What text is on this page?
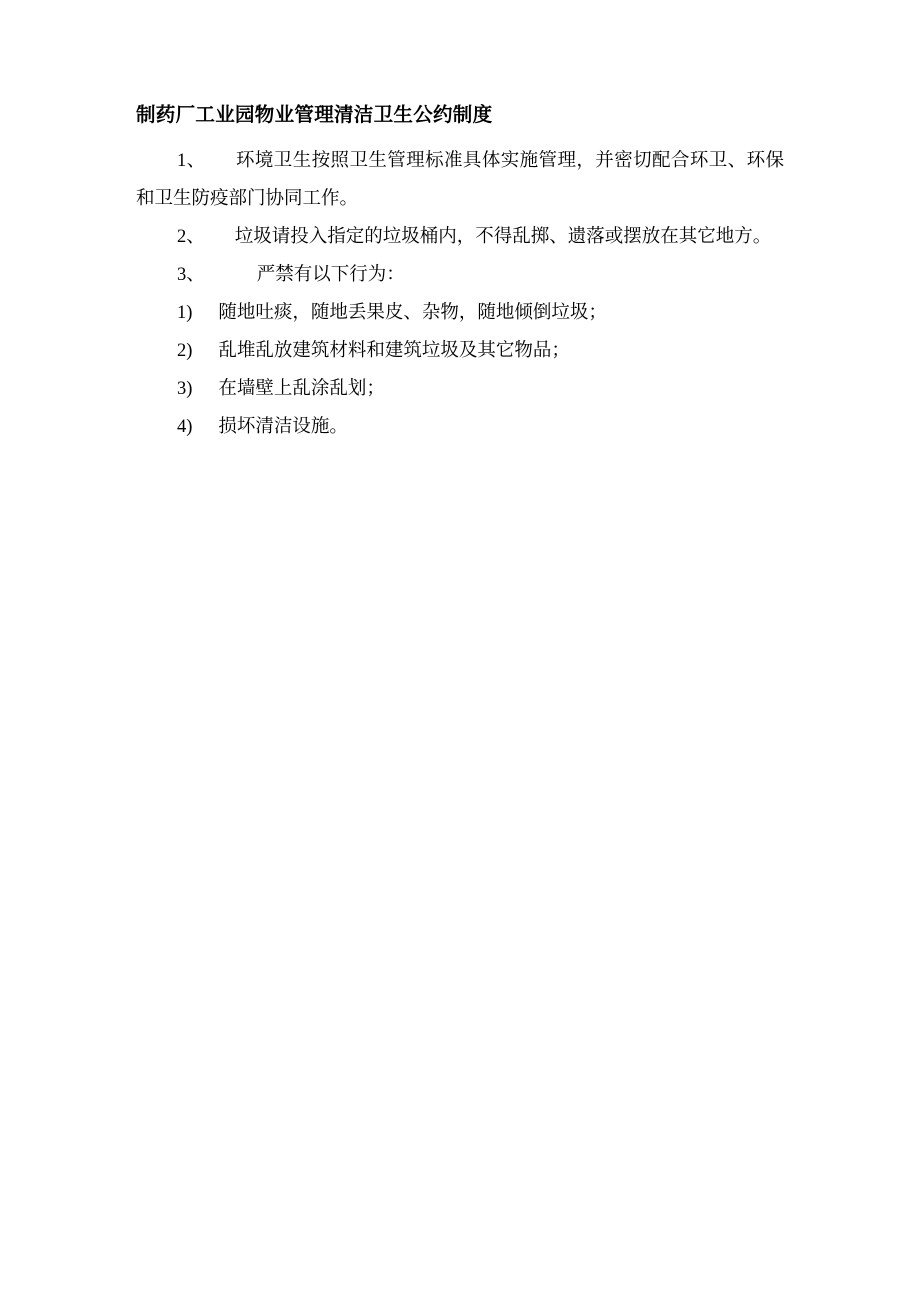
制药厂工业园物业管理清洁卫生公约制度

1、 环境卫生按照卫生管理标准具体实施管理，并密切配合环卫、环保和卫生防疫部门协同工作。

2、 垃圾请投入指定的垃圾桶内，不得乱掷、遗落或摆放在其它地方。

3、	严禁有以下行为：

1) 随地吐痰，随地丢果皮、杂物，随地倾倒垃圾；

2) 乱堆乱放建筑材料和建筑垃圾及其它物品；

3) 在墙壁上乱涂乱划；

4) 损坏清洁设施。
